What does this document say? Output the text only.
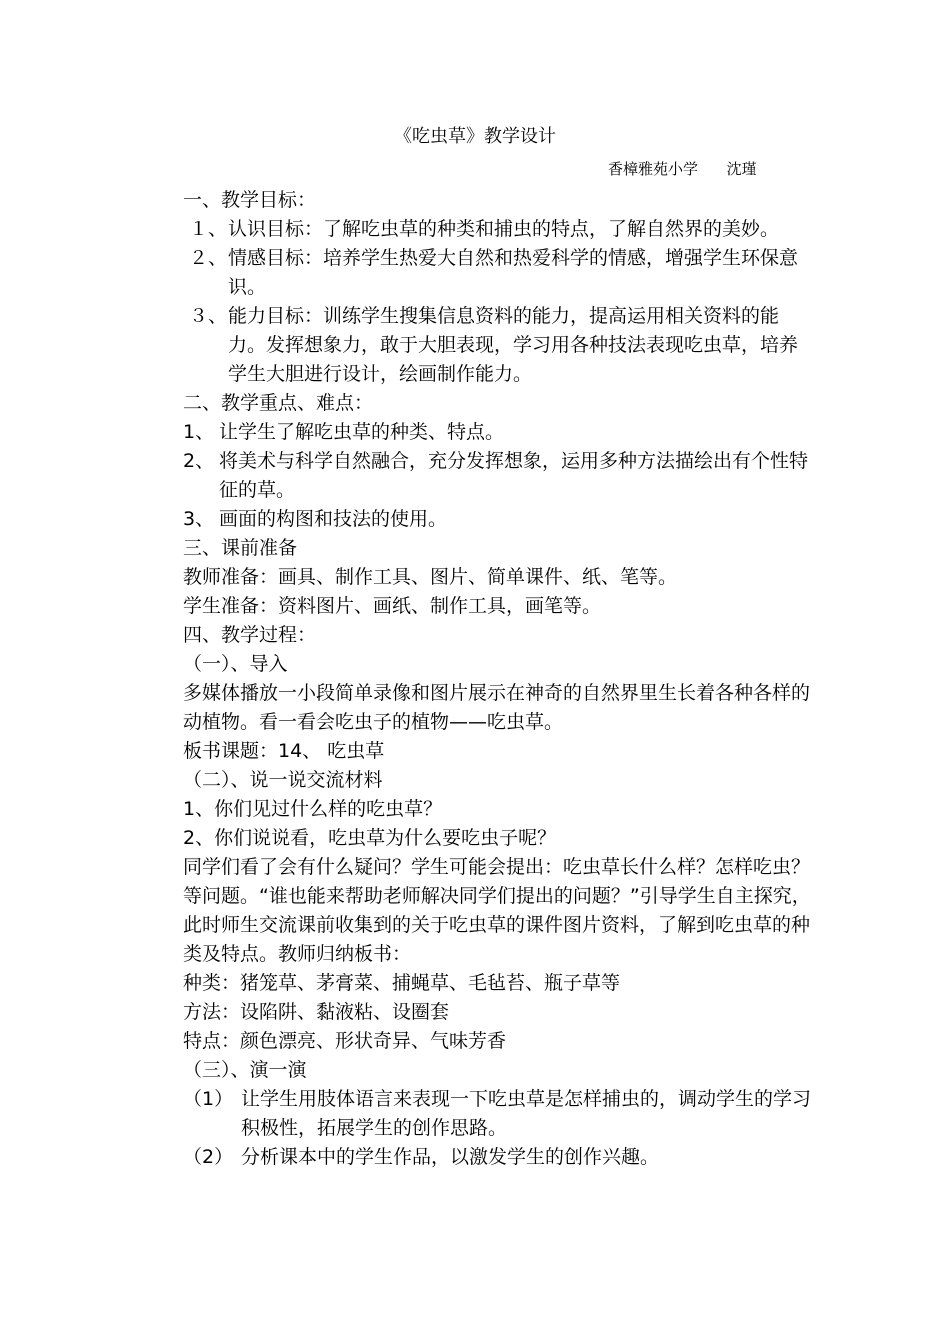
《吃虫草》教学设计
香樟雅苑小学      沈瑾
一、教学目标：
１、 认识目标：了解吃虫草的种类和捕虫的特点，了解自然界的美妙。
２、 情感目标：培养学生热爱大自然和热爱科学的情感，增强学生环保意识。
３、 能力目标：训练学生搜集信息资料的能力，提高运用相关资料的能力。发挥想象力，敢于大胆表现，学习用各种技法表现吃虫草，培养学生大胆进行设计，绘画制作能力。
二、教学重点、难点：
1、 让学生了解吃虫草的种类、特点。
2、 将美术与科学自然融合，充分发挥想象，运用多种方法描绘出有个性特征的草。
3、 画面的构图和技法的使用。
三、课前准备
教师准备：画具、制作工具、图片、简单课件、纸、笔等。
学生准备：资料图片、画纸、制作工具，画笔等。
四、教学过程：
（一）、导入
多媒体播放一小段简单录像和图片展示在神奇的自然界里生长着各种各样的动植物。看一看会吃虫子的植物——吃虫草。
板书课题：14、 吃虫草
（二）、说一说交流材料
1、你们见过什么样的吃虫草？
2、你们说说看，吃虫草为什么要吃虫子呢？
同学们看了会有什么疑问？学生可能会提出：吃虫草长什么样？怎样吃虫？等问题。“谁也能来帮助老师解决同学们提出的问题？”引导学生自主探究，此时师生交流课前收集到的关于吃虫草的课件图片资料，了解到吃虫草的种类及特点。教师归纳板书：
种类：猪笼草、茅膏菜、捕蝇草、毛毡苔、瓶子草等
方法：设陷阱、黏液粘、设圈套
特点：颜色漂亮、形状奇异、气味芳香
（三）、演一演
（1） 让学生用肢体语言来表现一下吃虫草是怎样捕虫的，调动学生的学习积极性，拓展学生的创作思路。
（2） 分析课本中的学生作品，以激发学生的创作兴趣。
